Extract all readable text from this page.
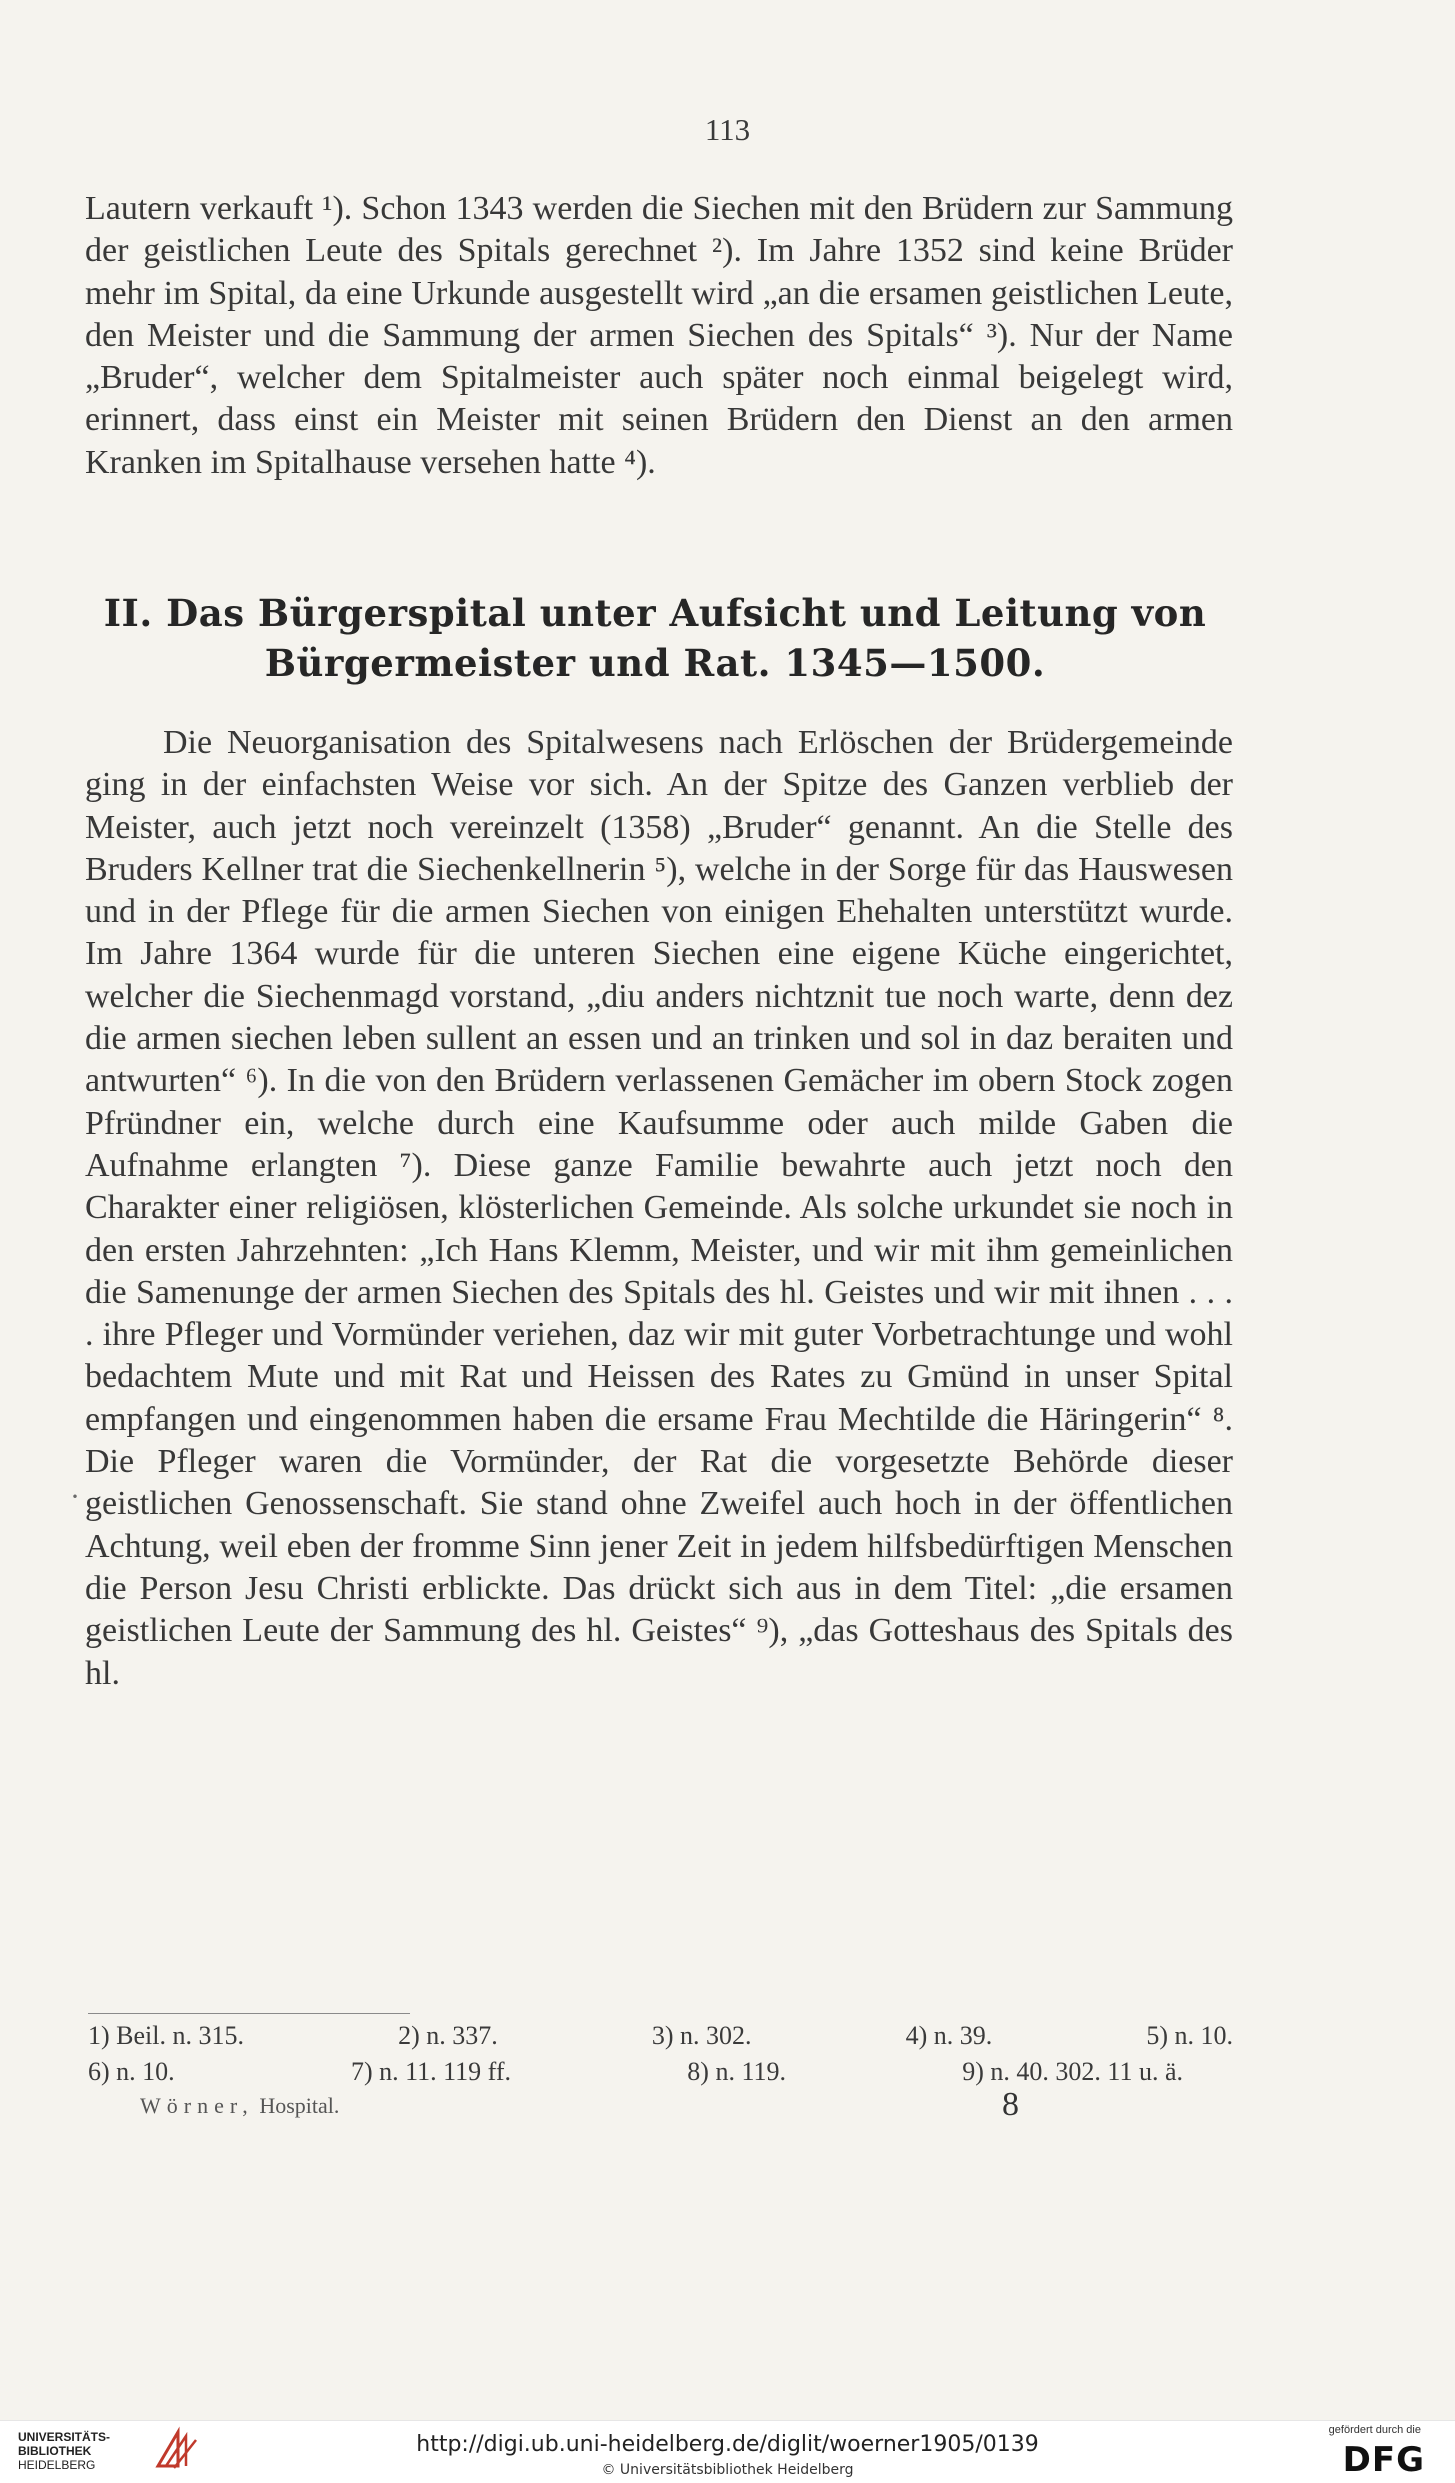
113
Lautern verkauft ¹). Schon 1343 werden die Siechen mit den Brüdern zur Sammung der geistlichen Leute des Spitals gerechnet ²). Im Jahre 1352 sind keine Brüder mehr im Spital, da eine Urkunde ausgestellt wird „an die ersamen geistlichen Leute, den Meister und die Sammung der armen Siechen des Spitals“ ³). Nur der Name „Bruder“, welcher dem Spitalmeister auch später noch einmal beigelegt wird, erinnert, dass einst ein Meister mit seinen Brüdern den Dienst an den armen Kranken im Spitalhause versehen hatte ⁴).
II. Das Bürgerspital unter Aufsicht und Leitung von
Bürgermeister und Rat. 1345—1500.
Die Neuorganisation des Spitalwesens nach Erlöschen der Brüdergemeinde ging in der einfachsten Weise vor sich. An der Spitze des Ganzen verblieb der Meister, auch jetzt noch vereinzelt (1358) „Bruder“ genannt. An die Stelle des Bruders Kellner trat die Siechenkellnerin ⁵), welche in der Sorge für das Hauswesen und in der Pflege für die armen Siechen von einigen Ehehalten unterstützt wurde. Im Jahre 1364 wurde für die unteren Siechen eine eigene Küche eingerichtet, welcher die Siechenmagd vorstand, „diu anders nichtznit tue noch warte, denn dez die armen siechen leben sullent an essen und an trinken und sol in daz beraiten und antwurten“ ⁶). In die von den Brüdern verlassenen Gemächer im obern Stock zogen Pfründner ein, welche durch eine Kaufsumme oder auch milde Gaben die Aufnahme erlangten ⁷). Diese ganze Familie bewahrte auch jetzt noch den Charakter einer religiösen, klösterlichen Gemeinde. Als solche urkundet sie noch in den ersten Jahrzehnten: „Ich Hans Klemm, Meister, und wir mit ihm gemeinlichen die Samenunge der armen Siechen des Spitals des hl. Geistes und wir mit ihnen . . . . ihre Pfleger und Vormünder veriehen, daz wir mit guter Vorbetrachtunge und wohl bedachtem Mute und mit Rat und Heissen des Rates zu Gmünd in unser Spital empfangen und eingenommen haben die ersame Frau Mechtilde die Häringerin“ ⁸. Die Pfleger waren die Vormünder, der Rat die vorgesetzte Behörde dieser geistlichen Genossenschaft. Sie stand ohne Zweifel auch hoch in der öffentlichen Achtung, weil eben der fromme Sinn jener Zeit in jedem hilfsbedürftigen Menschen die Person Jesu Christi erblickte. Das drückt sich aus in dem Titel: „die ersamen geistlichen Leute der Sammung des hl. Geistes“ ⁹), „das Gotteshaus des Spitals des hl.
·
1) Beil. n. 315.	2) n. 337.	3) n. 302.	4) n. 39.	5) n. 10.
6) n. 10.	7) n. 11. 119 ff.	8) n. 119.	9) n. 40. 302. 11 u. ä.
Wörner, Hospital.	8
UNIVERSITÄTS-
BIBLIOTHEK
HEIDELBERG
http://digi.ub.uni-heidelberg.de/diglit/woerner1905/0139
© Universitätsbibliothek Heidelberg
gefördert durch die
DFG
